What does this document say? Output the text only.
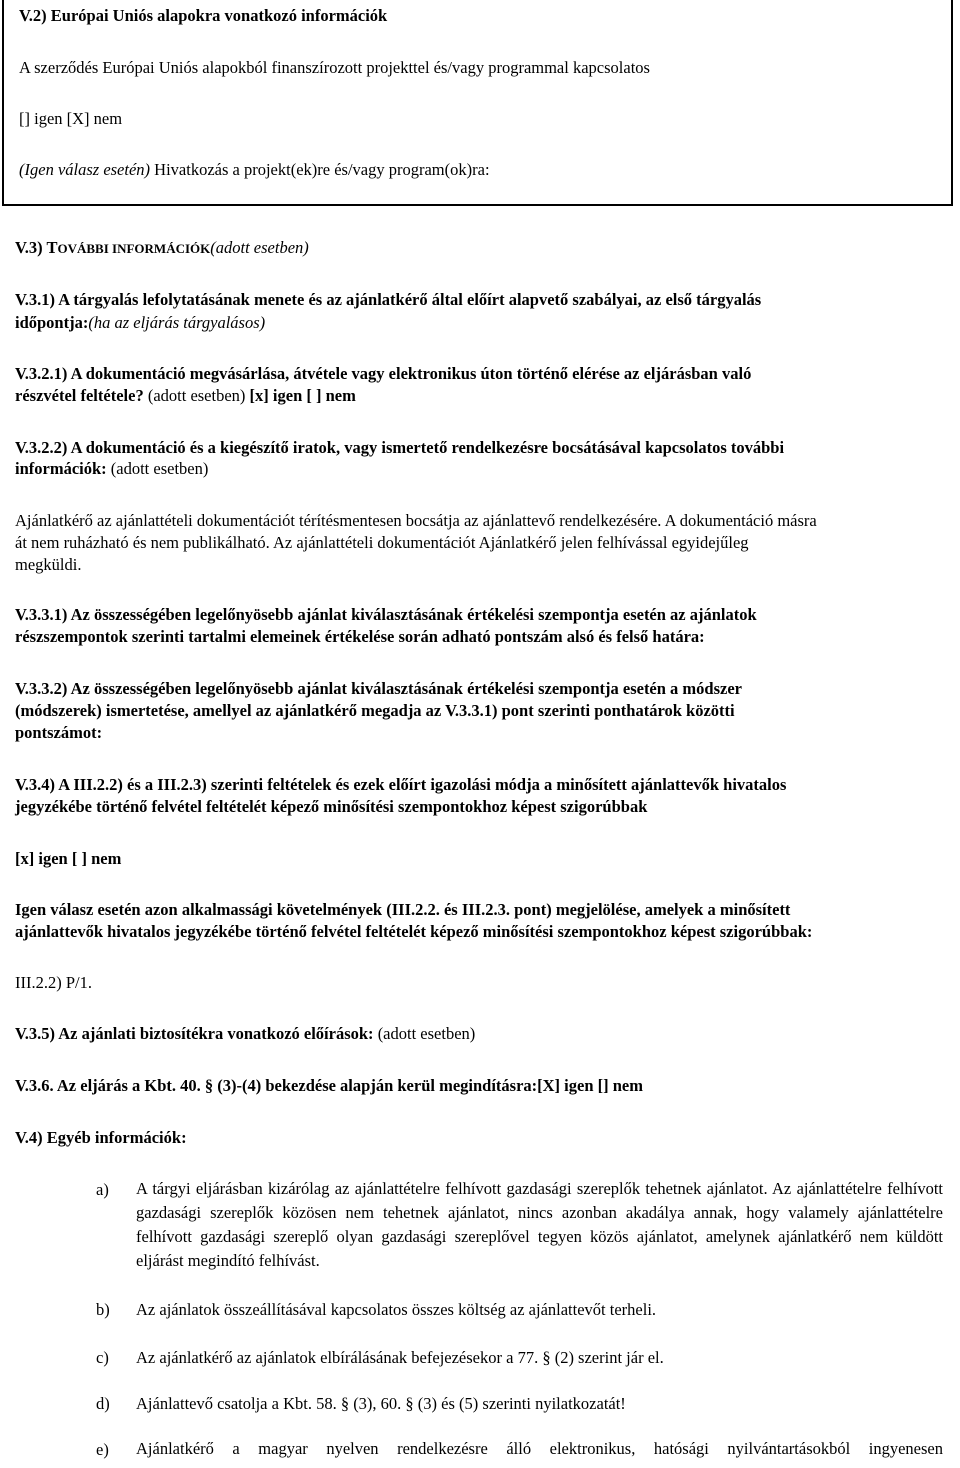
V.2) Európai Uniós alapokra vonatkozó információk
A szerződés Európai Uniós alapokból finanszírozott projekttel és/vagy programmal kapcsolatos
[] igen [X] nem
(Igen válasz esetén) Hivatkozás a projekt(ek)re és/vagy program(ok)ra:
V.3) TOVÁBBI INFORMÁCIÓK(adott esetben)
V.3.1) A tárgyalás lefolytatásának menete és az ajánlatkérő által előírt alapvető szabályai, az első tárgyalás
időpontja:(ha az eljárás tárgyalásos)
V.3.2.1) A dokumentáció megvásárlása, átvétele vagy elektronikus úton történő elérése az eljárásban való
részvétel feltétele? (adott esetben) [x] igen [ ] nem
V.3.2.2) A dokumentáció és a kiegészítő iratok, vagy ismertető rendelkezésre bocsátásával kapcsolatos további
információk: (adott esetben)
Ajánlatkérő az ajánlattételi dokumentációt térítésmentesen bocsátja az ajánlattevő rendelkezésére. A dokumentáció másra
át nem ruházható és nem publikálható. Az ajánlattételi dokumentációt Ajánlatkérő jelen felhívással egyidejűleg
megküldi.
V.3.3.1) Az összességében legelőnyösebb ajánlat kiválasztásának értékelési szempontja esetén az ajánlatok
részszempontok szerinti tartalmi elemeinek értékelése során adható pontszám alsó és felső határa:
V.3.3.2) Az összességében legelőnyösebb ajánlat kiválasztásának értékelési szempontja esetén a módszer
(módszerek) ismertetése, amellyel az ajánlatkérő megadja az V.3.3.1) pont szerinti ponthatárok közötti
pontszámot:
V.3.4) A III.2.2) és a III.2.3) szerinti feltételek és ezek előírt igazolási módja a minősített ajánlattevők hivatalos
jegyzékébe történő felvétel feltételét képező minősítési szempontokhoz képest szigorúbbak
[x] igen [ ] nem
Igen válasz esetén azon alkalmassági követelmények (III.2.2. és III.2.3. pont) megjelölése, amelyek a minősített
ajánlattevők hivatalos jegyzékébe történő felvétel feltételét képező minősítési szempontokhoz képest szigorúbbak:
III.2.2) P/1.
V.3.5) Az ajánlati biztosítékra vonatkozó előírások: (adott esetben)
V.3.6. Az eljárás a Kbt. 40. § (3)-(4) bekezdése alapján kerül megindításra:[X] igen [] nem
V.4) Egyéb információk:
a) A tárgyi eljárásban kizárólag az ajánlattételre felhívott gazdasági szereplők tehetnek ajánlatot. Az ajánlattételre felhívott gazdasági szereplők közösen nem tehetnek ajánlatot, nincs azonban akadálya annak, hogy valamely ajánlattételre felhívott gazdasági szereplő olyan gazdasági szereplővel tegyen közös ajánlatot, amelynek ajánlatkérő nem küldött eljárást megindító felhívást.
b) Az ajánlatok összeállításával kapcsolatos összes költség az ajánlattevőt terheli.
c) Az ajánlatkérő az ajánlatok elbírálásának befejezésekor a 77. § (2) szerint jár el.
d) Ajánlattevő csatolja a Kbt. 58. § (3), 60. § (3) és (5) szerinti nyilatkozatát!
e) Ajánlatkérő a magyar nyelven rendelkezésre álló elektronikus, hatósági nyilvántartásokból ingyenesen
